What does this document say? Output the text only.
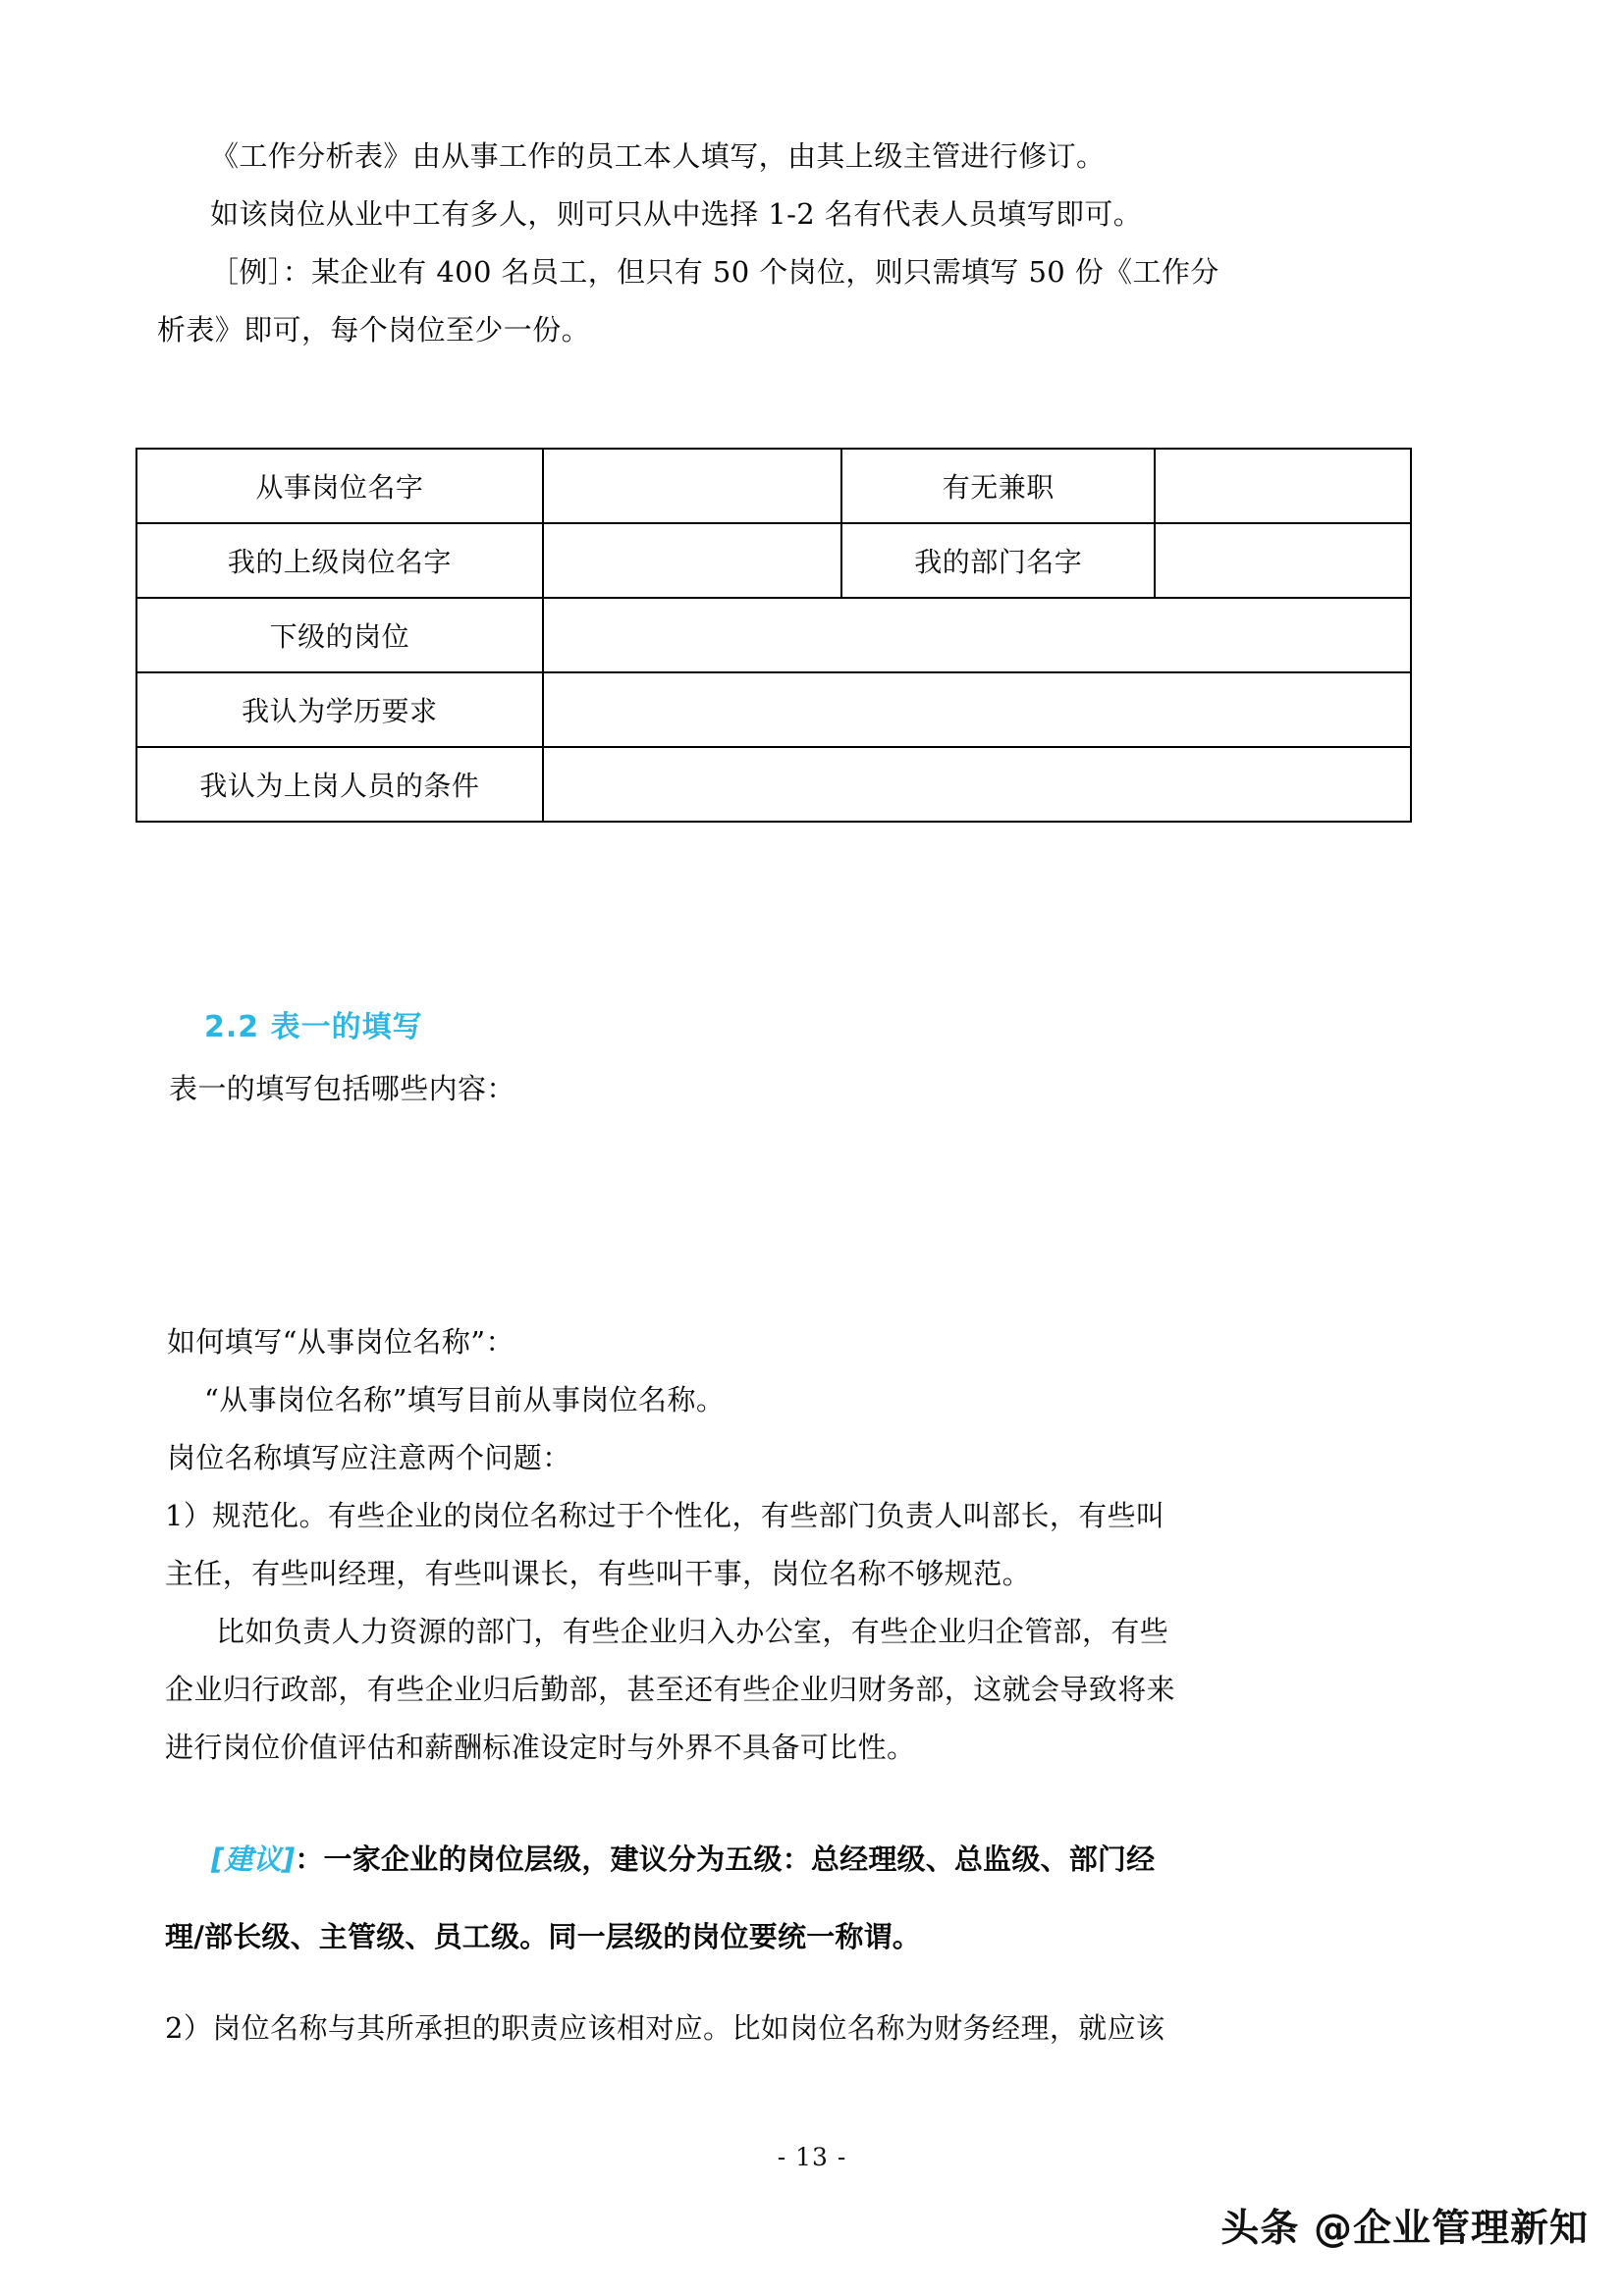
《工作分析表》由从事工作的员工本人填写，由其上级主管进行修订。
如该岗位从业中工有多人，则可只从中选择 1-2 名有代表人员填写即可。
［例］：某企业有 400 名员工，但只有 50 个岗位，则只需填写 50 份《工作分
析表》即可，每个岗位至少一份。
从事岗位名字		有无兼职	
我的上级岗位名字		我的部门名字	
下级的岗位			
我认为学历要求			
我认为上岗人员的条件			
2.2 表一的填写
表一的填写包括哪些内容：
如何填写“从事岗位名称”：
“从事岗位名称”填写目前从事岗位名称。
岗位名称填写应注意两个问题：
1）规范化。有些企业的岗位名称过于个性化，有些部门负责人叫部长，有些叫
主任，有些叫经理，有些叫课长，有些叫干事，岗位名称不够规范。
比如负责人力资源的部门，有些企业归入办公室，有些企业归企管部，有些
企业归行政部，有些企业归后勤部，甚至还有些企业归财务部，这就会导致将来
进行岗位价值评估和薪酬标准设定时与外界不具备可比性。
[建议]：一家企业的岗位层级，建议分为五级：总经理级、总监级、部门经
理/部长级、主管级、员工级。同一层级的岗位要统一称谓。
2）岗位名称与其所承担的职责应该相对应。比如岗位名称为财务经理，就应该
- 13 -
头条 @企业管理新知
